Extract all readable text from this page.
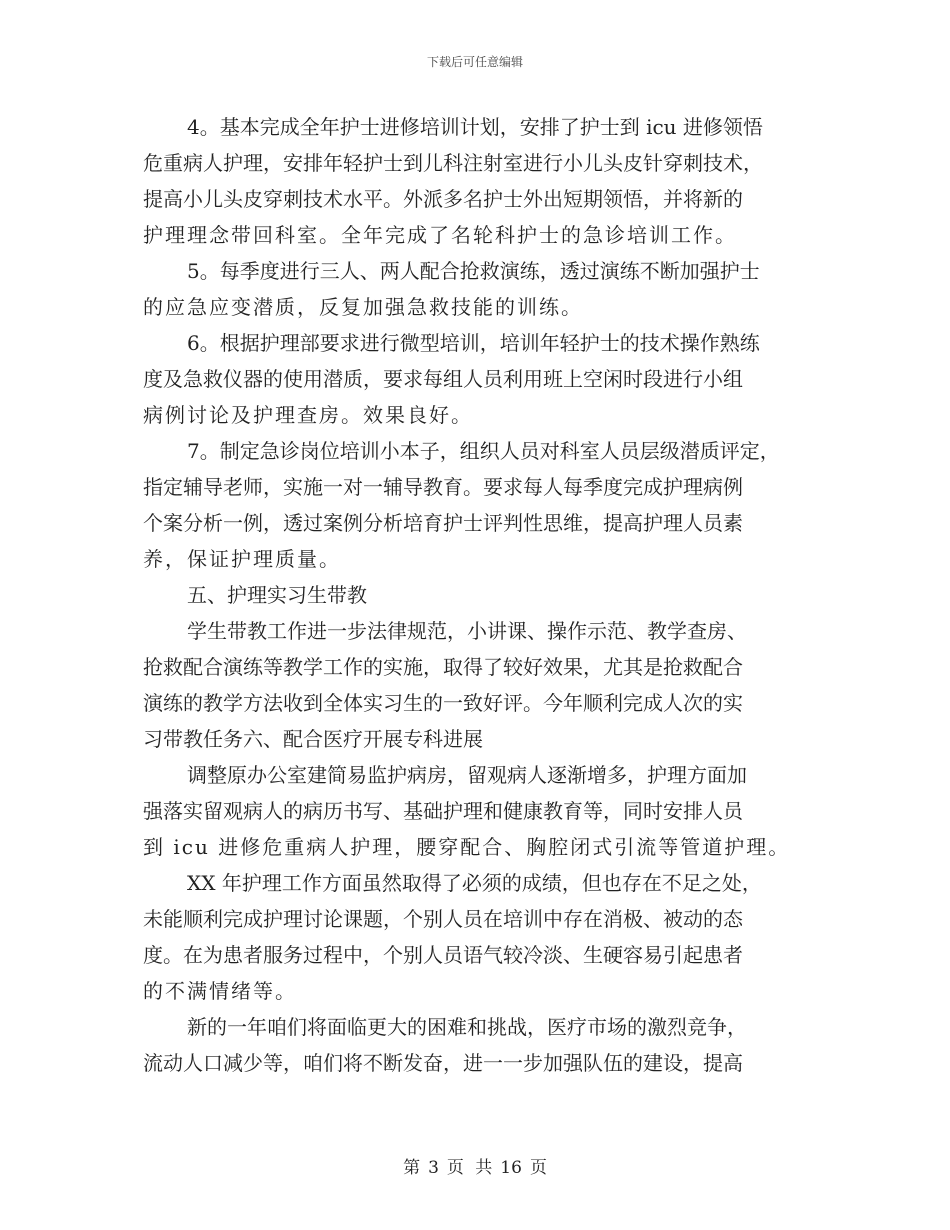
下载后可任意编辑
4。基本完成全年护士进修培训计划，安排了护士到 icu 进修领悟
危重病人护理，安排年轻护士到儿科注射室进行小儿头皮针穿刺技术，
提高小儿头皮穿刺技术水平。外派多名护士外出短期领悟，并将新的
护理理念带回科室。全年完成了名轮科护士的急诊培训工作。
5。每季度进行三人、两人配合抢救演练，透过演练不断加强护士
的应急应变潜质，反复加强急救技能的训练。
6。根据护理部要求进行微型培训，培训年轻护士的技术操作熟练
度及急救仪器的使用潜质，要求每组人员利用班上空闲时段进行小组
病例讨论及护理查房。效果良好。
7。制定急诊岗位培训小本子，组织人员对科室人员层级潜质评定，
指定辅导老师，实施一对一辅导教育。要求每人每季度完成护理病例
个案分析一例，透过案例分析培育护士评判性思维，提高护理人员素
养，保证护理质量。
五、护理实习生带教
学生带教工作进一步法律规范，小讲课、操作示范、教学查房、
抢救配合演练等教学工作的实施，取得了较好效果，尤其是抢救配合
演练的教学方法收到全体实习生的一致好评。今年顺利完成人次的实
习带教任务六、配合医疗开展专科进展
调整原办公室建简易监护病房，留观病人逐渐增多，护理方面加
强落实留观病人的病历书写、基础护理和健康教育等，同时安排人员
到 icu 进修危重病人护理，腰穿配合、胸腔闭式引流等管道护理。
XX 年护理工作方面虽然取得了必须的成绩，但也存在不足之处，
未能顺利完成护理讨论课题，个别人员在培训中存在消极、被动的态
度。在为患者服务过程中，个别人员语气较冷淡、生硬容易引起患者
的不满情绪等。
新的一年咱们将面临更大的困难和挑战，医疗市场的激烈竞争，
流动人口减少等，咱们将不断发奋，进一一步加强队伍的建设，提高
第 3 页 共 16 页
